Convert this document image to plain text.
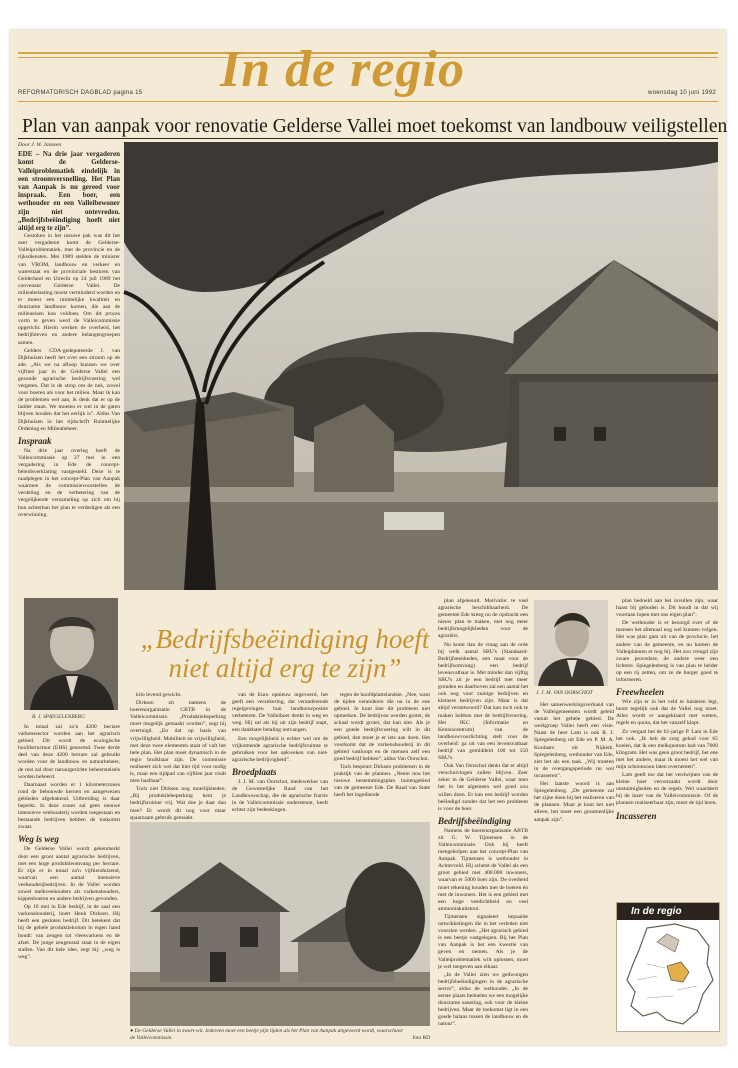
In de regio
REFORMATORISCH DAGBLAD pagina 15	woensdag 10 juni 1992
Plan van aanpak voor renovatie Gelderse Vallei moet toekomst van landbouw veiligstellen

Door J. W. Janssen

EDE – Na drie jaar vergaderen komt de Gelderse-Valleiproblematiek eindelijk in een stroomversnelling. Het Plan van Aanpak is nu gereed voor inspraak. Een boer, een wethouder en een Valleibewoner zijn niet ontevreden. „Bedrijfsbeëindiging hoeft niet altijd erg te zijn”.

Gestoken in het nieuwe pak was dit het zeer vergaderen komt de Gelderse-Valleiproblematiek, met de provincie en de rijksdiensten. Mei 1989 stelden de minister van VROM, landbouw en verkeer en waterstaat en de provinciale besturen van Gelderland en Utrecht op 24 juli 1989 het convenant Gelderse Vallei. De milieubelasting moest verminderd worden en er moest een ruimtelijke kwaliteit en duurzame landbouw komen, die aan de milieueisen kon voldoen. Om dit proces vorm te geven werd de Valleicommissie opgericht. Hierin werken de overheid, het bedrijfsleven en andere belangengroepen samen.

Gelders CDA-gedeputeerde J. van Dijkhuizen heeft het over een stroom op de ade. „Als we na afloop kunnen we over vijftien jaar in de Gelderse Vallei een gezonde agrarische bedrijfsvoering wel vergeten. Dat is de strop om de nek, zowel voor boeren als voor het milieu. Maar ik kan de problemen wel aan, ik denk dat er op de ladder staan. We moeten er wel in de gaten blijven houden dat het eerlijk is”. Aldus Van Dijkhuizen in het tijdschrift Ruimtelijke Ordening en Milieubeheer.

Inspraak

Na drie jaar overleg heeft de Valleicommissie op 27 mei in een vergadering in Ede de concept-beleidsverklaring vastgesteld. Deze is te raadplegen in het concept-Plan van Aanpak waarmee de commissievoorstellen de verdeling en de verbetering van de vergelijkende verzameling op zich om bij hun achterban het plan te verdedigen als een overwinning.

R. J. SPIEGELENBERG

In totaal zal zo'n 4200 hectare varkenssector worden aan het agrarisch gebied. Dit wordt de ecologische hoofdstructuur (EHS) genoemd. Twee derde deel van deze 4200 hectare zal gebruikt worden voor de landbouw en natuurbeheer, de rest zal door natuurgerichte beheerstelsels worden beheerd.

Daarnaast worden er 1 kilometerzones rond de bebouwde kernen en aangewezen gebieden afgebakend. Uitbreiding is daar beperkt. In deze zones zal geen nieuwe intensieve veehouderij worden toegestaan en bestaande bedrijven hebben de toekomst zwaar.

Weg is weg

De Gelderse Vallei wordt gekenmerkt door een groot aantal agrarische bedrijven, met een hoge produktieomvang per hectare. Er zijn er in totaal zo'n vijftienduizend, waarvan een aantal intensieve veehouderijbedrijven. In de Vallei worden zowel melkveehouders als varkenshouders, kippenboeren en andere bedrijven gevonden.

Op 10 mei in Ede bedrijf, in de zaal een varkenshouderij, boert Henk Dirksen. Hij heeft een gesloten bedrijf. Dit betekent dat hij de gehele produktiekolom in eigen hand houdt: van zeugen tot vleesvarkens en de afzet. De jonge zeugenstal staat in de eigen stallen. Van dit hele idee, zegt hij: „weg is weg”.

„Bedrijfsbeëindiging hoeft niet altijd erg te zijn”

kilo levend gewicht.

Dirksen zit namens de boerenorganisatie CBTB in de Valleicommissie. „Produktiebeperking moet mogelijk gemaakt worden”, zegt hij overtuigd. „En dat op basis van vrijwilligheid. Mobiliteit en vrijwilligheid, met deze twee elementen staat of valt het hele plan. Het plan moet dynamisch in de regio bruikbaar zijn. De commissie realiseert zich wel dat hier tijd voor nodig is, maar een tijdpad van vijftien jaar vindt men haalbaar”.

Toch ziet Dirksen nog moeilijkheden. „Bij produktiebeperking kent je bedrijfsruimte vrij. Wat doe je daar dan mee? Er wordt dit nog voor maar spaarzaam gebruik gemaakt.

van de Euro opnieuw ingevoerd, het geeft een verzekering, dat veranderende regelgevingen hun landbouwpositie verbeteren. De Valleiboer denkt in weg en weg. Hij zal als hij uit zijn bedrijf stapt, een dankbare betaling ontvangen.

Een mogelijkheid is echter wel om de vrijkomende agrarische bedrijfsruimte te gebruiken voor het opkweken van niet-agrarische bedrijvigheid”.

Broedplaats

J. J. M. van Oorschot, medewerker van de Gewestelijke Raad van het Landbouwschap, die de agrarische fractie in de Valleicommissie ondersteunt, heeft echter zijn bedenkingen.

tegen de hoofdplattelandsie. „Nee, want de tijden veranderen die nu in de ene gebied. Je kunt hier dit probleem niet opmerken. De bedrijven worden groter, de schaal wordt groter, dat kan niet. Als je een goede bedrijfsvoering wilt in dit gebied, dan moet je er iets aan doen. Het voorkomt dat de varkenshouderij in dit gebied vastloopt en de mensen zelf een goed bedrijf hebben”, aldus Van Oorschot.

Toch bespeurt Dirksen problemen in de praktijk van de plannen. „Neem nou het nieuwe bestemmingsplan buitengebied van de gemeente Ede. De Raad van State heeft het ingediende

● De Gelderse Vallei in zwart-wit. Iedereen moet een beetje pijn lijden als het Plan van Aanpak uitgevoerd wordt, waarschuwt de Valleicommissie.	foto RD

plan afgekeurd. Motivatie: te veel agrarische beschikbaarheid. De gemeente Ede kreeg nu de opdracht een nieuw plan te maken, met nog meer bedrijfsmogelijkheden voor de agrariërs.

Nu komt dan de vraag aan de orde bij welk aantal SBU's (Standaard-Bedrijfseenheden, een maat voor de bedrijfsomvang) een bedrijf levensvatbaar is. Met minder dan vijftig SBU's zit je een bedrijf met meer gronden en daarboven zal een aantal het ook nog voor zuinige bedrijven en kleinere bedrijven zijn. Maar is dat altijd verantwoord? Dat kan toch ook te maken hebben met de bedrijfsvoering. Het IKC (Informatie en Kenniscentrum) van de landbouwvoorlichting stelt voor de overheid: ga uit van een levensvatbaar bedrijf van gemiddeld 100 tot 150 SBU's.

Ook Van Oorschot denkt dat er altijd verschuivingen zullen blijven. Zeer zeker in de Gelderse Vallei, waar men het in het algemeen wel goed zou willen doen. Er kan een bedrijf worden beëindigd zonder dat het een probleem is voor de boer.

Bedrijfsbeëindiging

Namens de boerenorganisatie ABTB zit G. W. Tijmensen in de Valleicommissie. Ook hij heeft meegeholpen aan het concept-Plan van Aanpak. Tijmensen is wethouder in Achterveld. Hij schetst de Vallei als een groot gebied met 400.000 inwoners, waarvan er 5000 boer zijn. De overheid moet rekening houden met de boeren én met de inwoners. Het is een gebied met een hoge veedichtheid en veel ammoniakuitstoot.

Tijmensen signaleert bepaalde ontwikkelingen die in het verleden niet voorzien werden. „Het agrarisch gebied is een beetje vastgelopen. Bij het Plan van Aanpak is het een kwestie van geven en nemen. Als je de Valleiproblematiek wilt oplossen, moet je wel toegeven aan elkaar.

„In de Vallei zien we gedwongen bedrijfsbeëindigingen in de agrarische sector”, aldus de wethouder. „In de eerste plaats bedoelen we een mogelijke duurzame sanering, ook voor de kleine bedrijven. Maar de toekomst ligt in een goede balans tussen de landbouw en de natuur”.

J. J. M. VAN OORSCHOT

Het samenwerkingsverband van de Valleigemeenten wordt geleid vanuit het gehele gebied. De werkgroep Vallei heeft een visie. Naast de heer Lam is ook R. J. Spiegelenberg uit Ede en P. M. A. Koolaars uit Nijkerk. Spiegelenberg, wethouder van Ede, ziet het als een taak. „Wij moeten in de overgangsperiode nu wel incasseren”.

Het laatste woord is aan Spiegelenberg. „De gemeente zal het zijne doen bij het realiseren van de plannen. Maar je kunt het niet alleen, het moet een gezamenlijke aanpak zijn”.

plan bedoeld aan het invullen zijn, waar haast bij geboden is. Dit houdt in dat wij voortaan lopen met ons eigen plan”.

De wethouder is er bezorgd over of de mensen het allemaal nog wel kunnen volgen. Het was plan gaat uit van de provincie, het andere van de gemeente, en nu komen de Valleiplannen er nog bij. Het zou vreugd zijn zware procedure, de andere weer een lichtere. Spiegelenberg is van plan te helder op een rij zetten, om ze de burger goed te informeren.

Freewheelen

Wie zijn er in het veld te luisteren legt, hoort tegelijk ook dat de Vallei nog moet. Alles wordt er aangeklaard met wetten, regels en quota, dat het vanzelf klopt.

Zo vergaat het de 61-jarige P. Lam in Ede het ook. „Ik heb de zorg gehad voor 65 koeien, dat ik een melkquotum had van 7000 kilogram. Het was geen groot bedrijf, het ene met het andere, maar ik moest het wel van mijn schoonzoon laten overnemen”.

Lam geeft toe dat het verdwijnen van de kleine boer veroorzaakt wordt door onstuimigheden en de regels. Wel waardeert hij de inzet van de Valleicommissie. Of de plannen realiseerbaar zijn, moet de tijd leren.

Incasseren
In de regio
